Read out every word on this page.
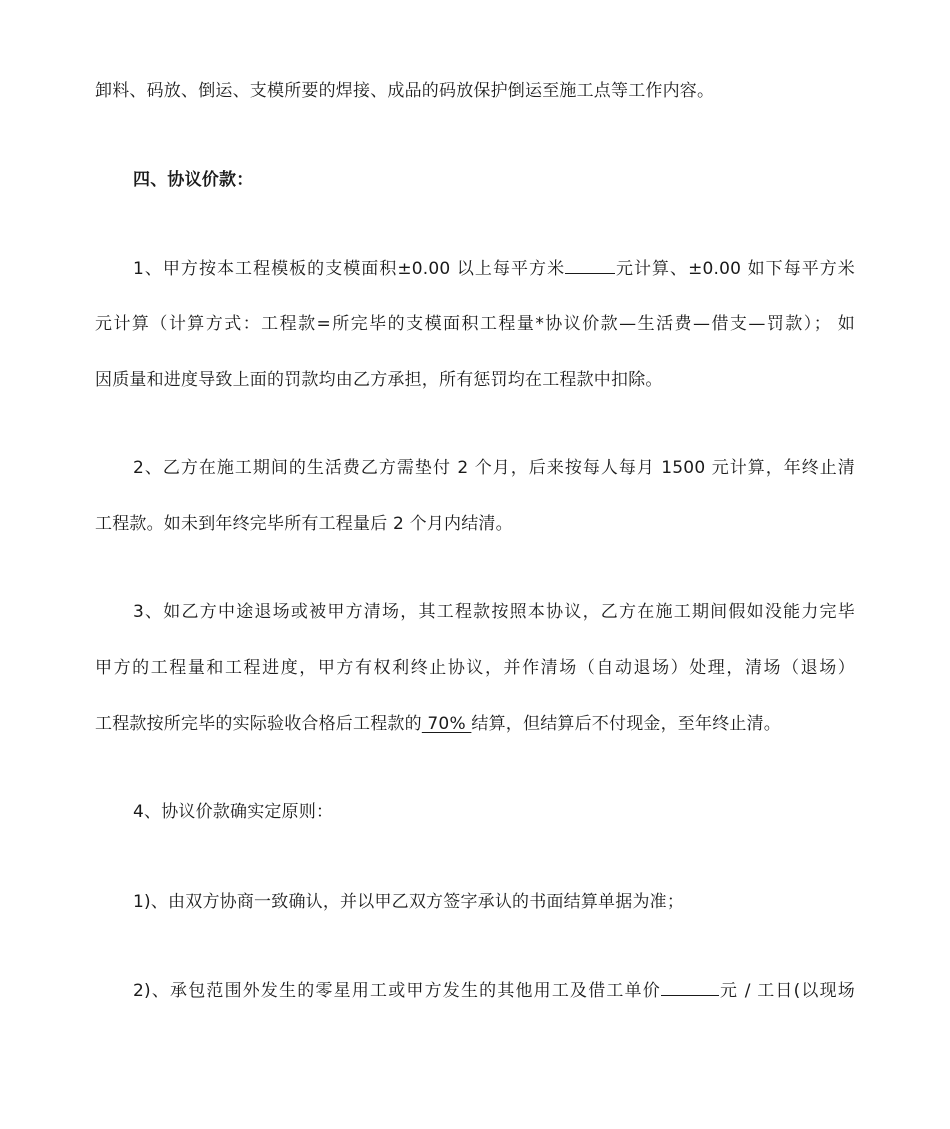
卸料、码放、倒运、支模所要的焊接、成品的码放保护倒运至施工点等工作内容。
四、协议价款：
1、甲方按本工程模板的支模面积±0.00 以上每平方米	元计算、±0.00 如下每平方米
元计算（计算方式：工程款=所完毕的支模面积工程量*协议价款—生活费—借支—罚款）； 如
因质量和进度导致上面的罚款均由乙方承担，所有惩罚均在工程款中扣除。
2、乙方在施工期间的生活费乙方需垫付 2 个月，后来按每人每月 1500 元计算，年终止清
工程款。如未到年终完毕所有工程量后 2 个月内结清。
3、如乙方中途退场或被甲方清场，其工程款按照本协议，乙方在施工期间假如没能力完毕
甲方的工程量和工程进度，甲方有权利终止协议，并作清场（自动退场）处理，清场（退场）
工程款按所完毕的实际验收合格后工程款的 70% 结算，但结算后不付现金，至年终止清。
4、协议价款确实定原则：
1)、由双方协商一致确认，并以甲乙双方签字承认的书面结算单据为准；
2)、承包范围外发生的零星用工或甲方发生的其他用工及借工单价	元 / 工日(以现场
